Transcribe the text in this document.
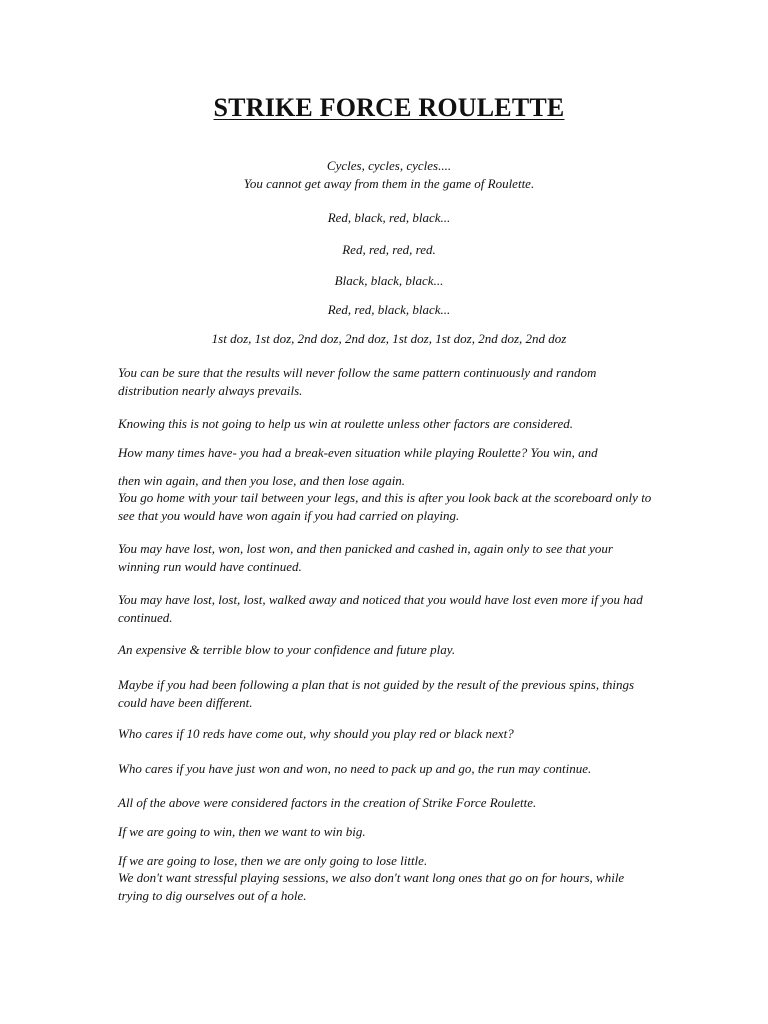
STRIKE FORCE ROULETTE

Cycles, cycles, cycles....

You cannot get away from them in the game of Roulette.

Red, black, red, black...

Red, red, red, red.

Black, black, black...

Red, red, black, black...

1st doz, 1st doz, 2nd doz, 2nd doz, 1st doz, 1st doz, 2nd doz, 2nd doz

You can be sure that the results will never follow the same pattern continuously and random distribution nearly always prevails.

Knowing this is not going to help us win at roulette unless other factors are considered.

How many times have- you had a break-even situation while playing Roulette? You win, and

then win again, and then you lose, and then lose again.

You go home with your tail between your legs, and this is after you look back at the scoreboard only to see that you would have won again if you had carried on playing.

You may have lost, won, lost won, and then panicked and cashed in, again only to see that your winning run would have continued.

You may have lost, lost, lost, walked away and noticed that you would have lost even more if you had continued.

An expensive & terrible blow to your confidence and future play.

Maybe if you had been following a plan that is not guided by the result of the previous spins, things could have been different.

Who cares if 10 reds have come out, why should you play red or black next?

Who cares if you have just won and won, no need to pack up and go, the run may continue.

All of the above were considered factors in the creation of Strike Force Roulette.

If we are going to win, then we want to win big.

If we are going to lose, then we are only going to lose little.

We don't want stressful playing sessions, we also don't want long ones that go on for hours, while trying to dig ourselves out of a hole.
